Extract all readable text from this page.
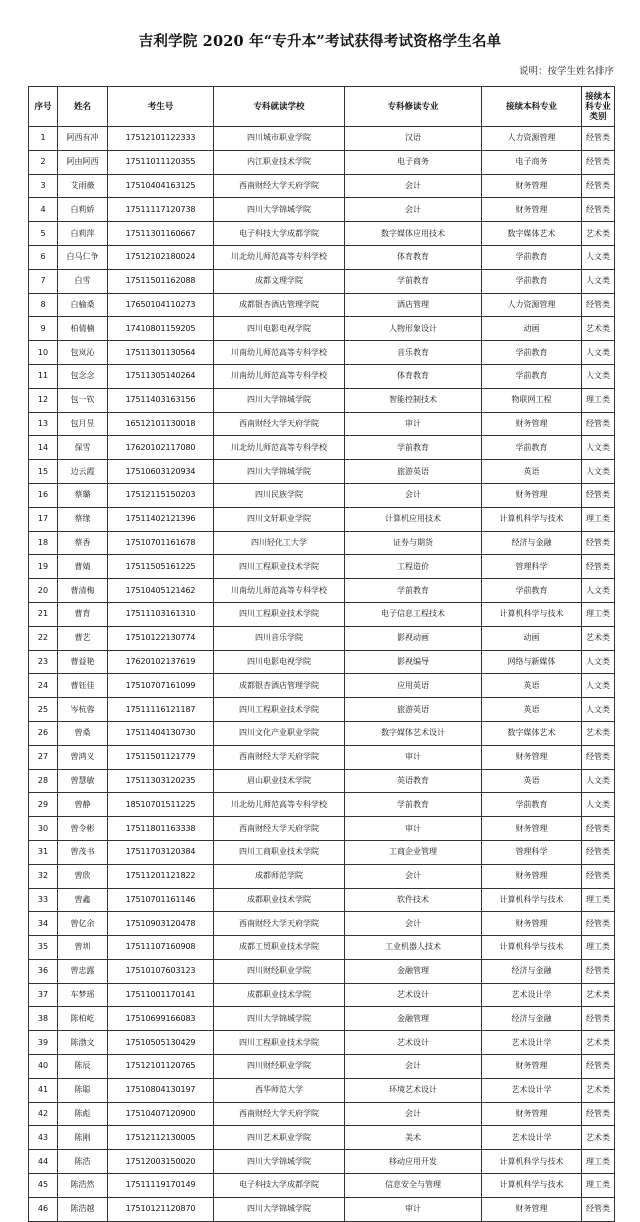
吉利学院 2020 年“专升本”考试获得考试资格学生名单
说明：按学生姓名排序
序号	姓名	考生号	专科就读学校	专科修读专业	接续本科专业	接续本科专业类别
1	阿西有冲	17512101122333	四川城市职业学院	汉语	人力资源管理	经管类
2	阿由阿西	17511011120355	内江职业技术学院	电子商务	电子商务	经管类
3	艾雨薇	17510404163125	西南财经大学天府学院	会计	财务管理	经管类
4	白莉娇	17511117120738	四川大学锦城学院	会计	财务管理	经管类
5	白莉萍	17511301160667	电子科技大学成都学院	数字媒体应用技术	数字媒体艺术	艺术类
6	白马仁争	17512102180024	川北幼儿师范高等专科学校	体育教育	学前教育	人文类
7	白雪	17511501162088	成都文理学院	学前教育	学前教育	人文类
8	白榆桑	17650104110273	成都银杏酒店管理学院	酒店管理	人力资源管理	经管类
9	柏倩楠	17410801159205	四川电影电视学院	人物形象设计	动画	艺术类
10	包岚沁	17511301130564	川南幼儿师范高等专科学校	音乐教育	学前教育	人文类
11	包念念	17511305140264	川南幼儿师范高等专科学校	体育教育	学前教育	人文类
12	包一钦	17511403163156	四川大学锦城学院	智能控制技术	物联网工程	理工类
13	包月昱	16512101130018	西南财经大学天府学院	审计	财务管理	经管类
14	保雪	17620102117080	川北幼儿师范高等专科学校	学前教育	学前教育	人文类
15	边云霞	17510603120934	四川大学锦城学院	旅游英语	英语	人文类
16	蔡璐	17512115150203	四川民族学院	会计	财务管理	经管类
17	蔡缘	17511402121396	四川文轩职业学院	计算机应用技术	计算机科学与技术	理工类
18	蔡香	17510701161678	四川轻化工大学	证券与期货	经济与金融	经管类
19	曹婧	17511505161225	四川工程职业技术学院	工程造价	管理科学	经管类
20	曹清梅	17510405121462	川南幼儿师范高等专科学校	学前教育	学前教育	人文类
21	曹育	17511103161310	四川工程职业技术学院	电子信息工程技术	计算机科学与技术	理工类
22	曹艺	17510122130774	四川音乐学院	影视动画	动画	艺术类
23	曹益艳	17620102137619	四川电影电视学院	影视编导	网络与新媒体	人文类
24	曹钰佳	17510707161099	成都银杏酒店管理学院	应用英语	英语	人文类
25	岑杭蓉	17511116121187	四川工程职业技术学院	旅游英语	英语	人文类
26	曾桑	17511404130730	四川文化产业职业学院	数字媒体艺术设计	数字媒体艺术	艺术类
27	曾鸿义	17511501121779	西南财经大学天府学院	审计	财务管理	经管类
28	曾慧敏	17511303120235	眉山职业技术学院	英语教育	英语	人文类
29	曾静	18510701511225	川北幼儿师范高等专科学校	学前教育	学前教育	人文类
30	曾令彬	17511801163338	西南财经大学天府学院	审计	财务管理	经管类
31	曾茂书	17511703120384	四川工商职业技术学院	工商企业管理	管理科学	经管类
32	曾欣	17511201121822	成都师范学院	会计	财务管理	经管类
33	曾鑫	17510701161146	成都职业技术学院	软件技术	计算机科学与技术	理工类
34	曾亿余	17510903120478	西南财经大学天府学院	会计	财务管理	经管类
35	曾圳	17511107160908	成都工贸职业技术学院	工业机器人技术	计算机科学与技术	理工类
36	曾忠露	17510107603123	四川财经职业学院	金融管理	经济与金融	经管类
37	车梦瑶	17511001170141	成都职业技术学院	艺术设计	艺术设计学	艺术类
38	陈柏屹	17510699166083	四川大学锦城学院	金融管理	经济与金融	经管类
39	陈渤文	17510505130429	四川工程职业技术学院	艺术设计	艺术设计学	艺术类
40	陈辰	17512101120765	四川财经职业学院	会计	财务管理	经管类
41	陈聪	17510804130197	西华师范大学	环境艺术设计	艺术设计学	艺术类
42	陈彪	17510407120900	西南财经大学天府学院	会计	财务管理	经管类
43	陈刚	17512112130005	四川艺术职业学院	美术	艺术设计学	艺术类
44	陈浩	17512003150020	四川大学锦城学院	移动应用开发	计算机科学与技术	理工类
45	陈浩然	17511119170149	电子科技大学成都学院	信息安全与管理	计算机科学与技术	理工类
46	陈浩越	17510121120870	四川大学锦城学院	审计	财务管理	经管类
